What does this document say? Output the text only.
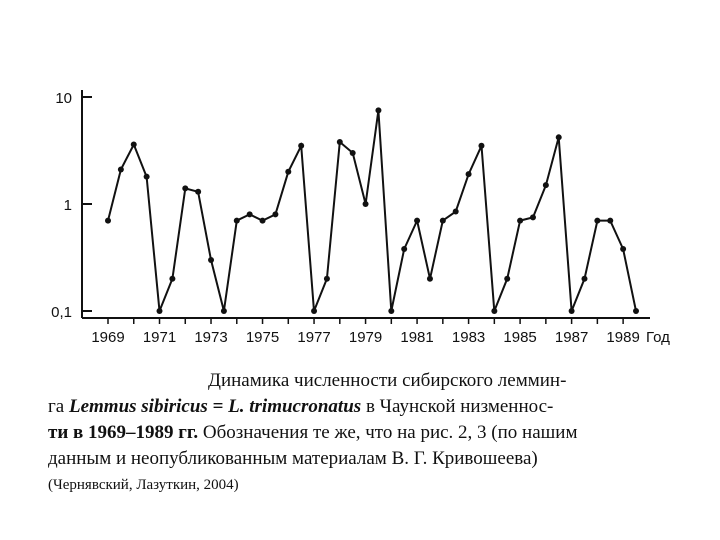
10
1
0,1
1969 1971 1973 1975 1977 1979 1981 1983 1985 1987 1989 Год

Динамика численности сибирского леммин-

га Lemmus sibiricus = L. trimucronatus в Чаунской низменнос-

ти в 1969–1989 гг. Обозначения те же, что на рис. 2, 3 (по нашим

данным и неопубликованным материалам В. Г. Кривошеева)

(Чернявский, Лазуткин, 2004)
